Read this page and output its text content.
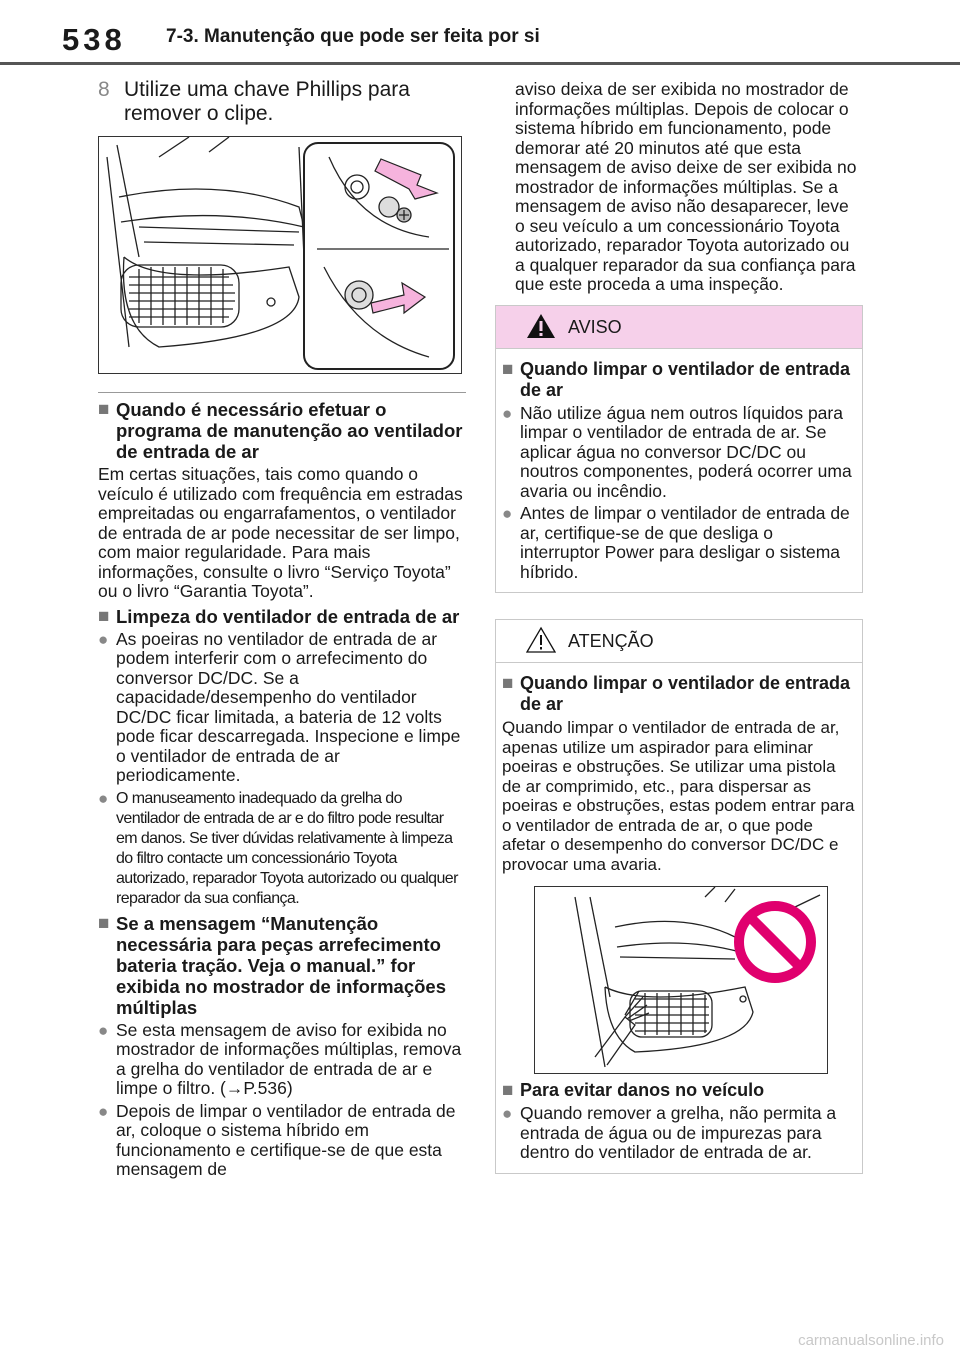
538 7-3. Manutenção que pode ser feita por si
8 Utilize uma chave Phillips para remover o clipe.
■ Quando é necessário efetuar o programa de manutenção ao ventilador de entrada de ar
Em certas situações, tais como quando o veículo é utilizado com frequência em estradas empreitadas ou engarrafamentos, o ventilador de entrada de ar pode necessitar de ser limpo, com maior regularidade. Para mais informações, consulte o livro “Serviço Toyota” ou o livro “Garantia Toyota”.
■ Limpeza do ventilador de entrada de ar
● As poeiras no ventilador de entrada de ar podem interferir com o arrefecimento do conversor DC/DC. Se a capacidade/desempenho do ventilador DC/DC ficar limitada, a bateria de 12 volts pode ficar descarregada. Inspecione e limpe o ventilador de entrada de ar periodicamente.
● O manuseamento inadequado da grelha do ventilador de entrada de ar e do filtro pode resultar em danos. Se tiver dúvidas relativamente à limpeza do filtro contacte um concessionário Toyota autorizado, reparador Toyota autorizado ou qualquer reparador da sua confiança.
■ Se a mensagem “Manutenção necessária para peças arrefecimento bateria tração. Veja o manual.” for exibida no mostrador de informações múltiplas
● Se esta mensagem de aviso for exibida no mostrador de informações múltiplas, remova a grelha do ventilador de entrada de ar e limpe o filtro. (→P.536)
● Depois de limpar o ventilador de entrada de ar, coloque o sistema híbrido em funcionamento e certifique-se de que esta mensagem de
aviso deixa de ser exibida no mostrador de informações múltiplas. Depois de colocar o sistema híbrido em funcionamento, pode demorar até 20 minutos até que esta mensagem de aviso deixe de ser exibida no mostrador de informações múltiplas. Se a mensagem de aviso não desaparecer, leve o seu veículo a um concessionário Toyota autorizado, reparador Toyota autorizado ou a qualquer reparador da sua confiança para que este proceda a uma inspeção.
AVISO
■ Quando limpar o ventilador de entrada de ar
● Não utilize água nem outros líquidos para limpar o ventilador de entrada de ar. Se aplicar água no conversor DC/DC ou noutros componentes, poderá ocorrer uma avaria ou incêndio.
● Antes de limpar o ventilador de entrada de ar, certifique-se de que desliga o interruptor Power para desligar o sistema híbrido.
ATENÇÃO
■ Quando limpar o ventilador de entrada de ar
Quando limpar o ventilador de entrada de ar, apenas utilize um aspirador para eliminar poeiras e obstruções. Se utilizar uma pistola de ar comprimido, etc., para dispersar as poeiras e obstruções, estas podem entrar para o ventilador de entrada de ar, o que pode afetar o desempenho do conversor DC/DC e provocar uma avaria.
■ Para evitar danos no veículo
● Quando remover a grelha, não permita a entrada de água ou de impurezas para dentro do ventilador de entrada de ar.
carmanualsonline.info
